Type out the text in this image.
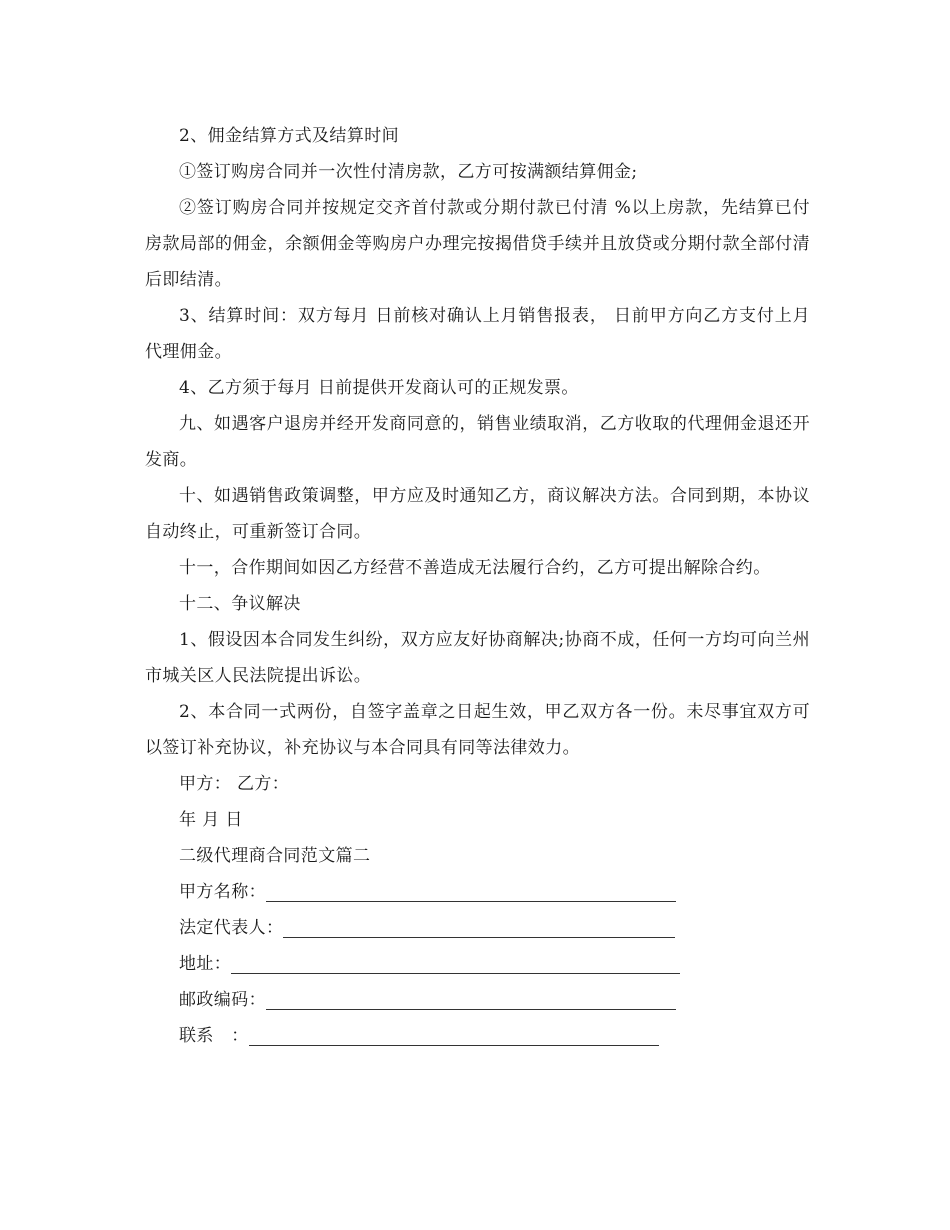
2、佣金结算方式及结算时间

①签订购房合同并一次性付清房款，乙方可按满额结算佣金;

②签订购房合同并按规定交齐首付款或分期付款已付清 %以上房款，先结算已付房款局部的佣金，余额佣金等购房户办理完按揭借贷手续并且放贷或分期付款全部付清后即结清。

3、结算时间：双方每月 日前核对确认上月销售报表， 日前甲方向乙方支付上月代理佣金。

4、乙方须于每月 日前提供开发商认可的正规发票。

九、如遇客户退房并经开发商同意的，销售业绩取消，乙方收取的代理佣金退还开发商。

十、如遇销售政策调整，甲方应及时通知乙方，商议解决方法。合同到期，本协议自动终止，可重新签订合同。

十一，合作期间如因乙方经营不善造成无法履行合约，乙方可提出解除合约。

十二、争议解决

1、假设因本合同发生纠纷，双方应友好协商解决;协商不成，任何一方均可向兰州市城关区人民法院提出诉讼。

2、本合同一式两份，自签字盖章之日起生效，甲乙双方各一份。未尽事宜双方可以签订补充协议，补充协议与本合同具有同等法律效力。

甲方： 乙方：

年 月 日

二级代理商合同范文篇二

甲方名称：
法定代表人：
地址：
邮政编码：
联系　：
